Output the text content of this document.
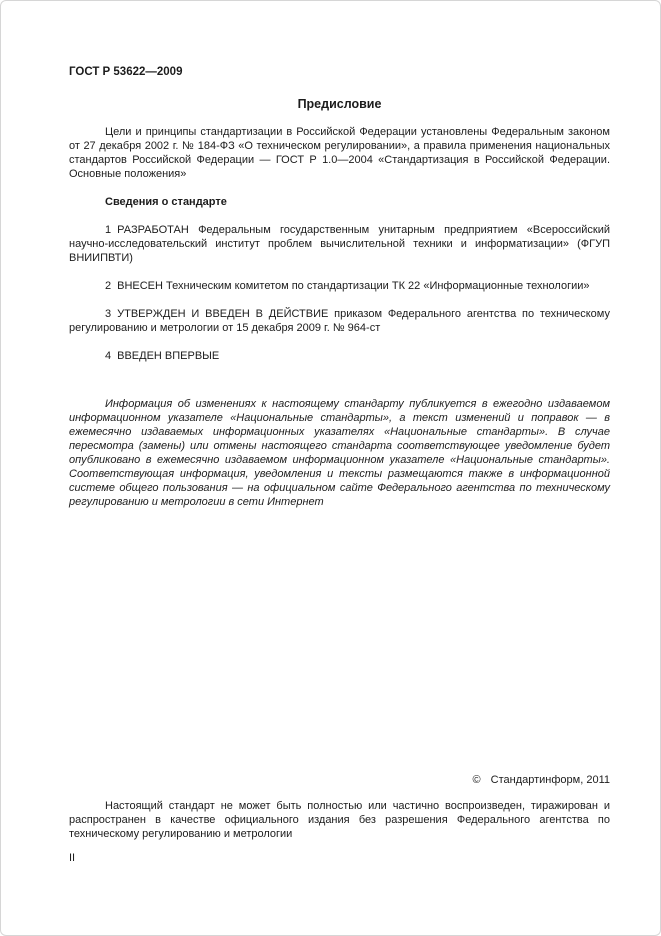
ГОСТ Р 53622—2009
Предисловие

Цели и принципы стандартизации в Российской Федерации установлены Федеральным законом от 27 декабря 2002 г. № 184-ФЗ «О техническом регулировании», а правила применения национальных стандартов Российской Федерации — ГОСТ Р 1.0—2004 «Стандартизация в Российской Федерации. Основные положения»

Сведения о стандарте

1 РАЗРАБОТАН Федеральным государственным унитарным предприятием «Всероссийский научно-исследовательский институт проблем вычислительной техники и информатизации» (ФГУП ВНИИПВТИ)

2 ВНЕСЕН Техническим комитетом по стандартизации ТК 22 «Информационные технологии»

3 УТВЕРЖДЕН И ВВЕДЕН В ДЕЙСТВИЕ приказом Федерального агентства по техническому регулированию и метрологии от 15 декабря 2009 г. № 964-ст

4 ВВЕДЕН ВПЕРВЫЕ

Информация об изменениях к настоящему стандарту публикуется в ежегодно издаваемом информационном указателе «Национальные стандарты», а текст изменений и поправок — в ежемесячно издаваемых информационных указателях «Национальные стандарты». В случае пересмотра (замены) или отмены настоящего стандарта соответствующее уведомление будет опубликовано в ежемесячно издаваемом информационном указателе «Национальные стандарты». Соответствующая информация, уведомления и тексты размещаются также в информационной системе общего пользования — на официальном сайте Федерального агентства по техническому регулированию и метрологии в сети Интернет

© Стандартинформ, 2011

Настоящий стандарт не может быть полностью или частично воспроизведен, тиражирован и распространен в качестве официального издания без разрешения Федерального агентства по техническому регулированию и метрологии

II
